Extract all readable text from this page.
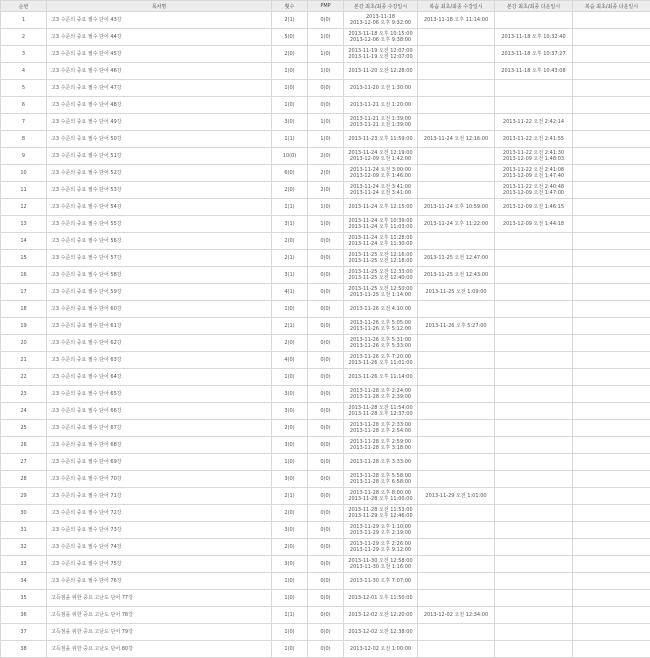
순번	목차명	횟수	PMP	본강 최초/최종 수강일시	복습 최초/최종 수강일시	본강 최초/최종 다운일시	복습 최초/최종 다운일시
1	고3 수준의 중요 필수 단어 43강	2(1)	0(0)	2013-11-18
2013-12-06 오후 9:32:00	2013-11-18 오후 11:14:00		

2	고3 수준의 중요 필수 단어 44강	5(0)	1(0)	2013-11-18 오후 10:15:00
2013-12-06 오후 9:38:00		2013-11-18 오후 10:32:40	

3	고3 수준의 중요 필수 단어 45강	2(0)	1(0)	2013-11-19 오전 12:07:00
2013-11-19 오전 12:07:00		2013-11-18 오후 10:37:27	

4	고3 수준의 중요 필수 단어 46강	1(0)	1(0)	2013-11-20 오전 12:28:00		2013-11-18 오후 10:43:08	

5	고3 수준의 중요 필수 단어 47강	1(0)	0(0)	2013-11-20 오전 1:30:00			

6	고3 수준의 중요 필수 단어 48강	1(0)	0(0)	2013-11-21 오전 1:20:00			

7	고3 수준의 중요 필수 단어 49강	3(0)	1(0)	2013-11-21 오전 1:39:00
2013-11-21 오전 1:39:00		2013-11-22 오전 2:42:14	

8	고3 수준의 중요 필수 단어 50강	1(1)	1(0)	2013-11-23 오후 11:59:00	2013-11-24 오전 12:16:00	2013-11-22 오전 2:41:55	

9	고3 수준의 중요 필수 단어 51강	10(0)	2(0)	2013-11-24 오전 12:19:00
2013-12-09 오전 1:42:00		2013-11-22 오전 2:41:30
2013-12-09 오전 1:48:03	

10	고3 수준의 중요 필수 단어 52강	6(0)	2(0)	2013-11-24 오전 3:00:00
2013-12-09 오후 1:46:00		2013-11-22 오전 2:41:08
2013-12-09 오전 1:47:40	

11	고3 수준의 중요 필수 단어 53강	2(0)	2(0)	2013-11-24 오전 3:41:00
2013-11-24 오전 3:41:00		2013-11-22 오전 2:40:48
2013-12-09 오전 1:47:00	

12	고3 수준의 중요 필수 단어 54강	1(1)	1(0)	2013-11-24 오후 12:15:00	2013-11-24 오후 10:59:00	2013-12-09 오전 1:46:15	

13	고3 수준의 중요 필수 단어 55강	3(1)	1(0)	2013-11-24 오후 10:39:00
2013-11-24 오후 11:03:00	2013-11-24 오후 11:22:00	2013-12-09 오전 1:44:18	

14	고3 수준의 중요 필수 단어 56강	2(0)	0(0)	2013-11-24 오후 11:28:00
2013-11-24 오후 11:30:00			

15	고3 수준의 중요 필수 단어 57강	2(1)	0(0)	2013-11-25 오전 12:16:00
2013-11-25 오전 12:18:00	2013-11-25 오전 12:47:00		

16	고3 수준의 중요 필수 단어 58강	3(1)	0(0)	2013-11-25 오전 12:33:00
2013-11-25 오전 12:40:00	2013-11-25 오전 12:43:00		

17	고3 수준의 중요 필수 단어 59강	4(1)	0(0)	2013-11-25 오전 12:50:00
2013-11-25 오전 1:14:00	2013-11-25 오전 1:09:00		

18	고3 수준의 중요 필수 단어 60강	1(0)	0(0)	2013-11-26 오전 4:10:00			

19	고3 수준의 중요 필수 단어 61강	2(1)	0(0)	2013-11-26 오후 5:05:00
2013-11-26 오후 5:12:00	2013-11-26 오후 5:27:00		

20	고3 수준의 중요 필수 단어 62강	2(0)	0(0)	2013-11-26 오후 5:31:00
2013-11-26 오후 5:33:00			

21	고3 수준의 중요 필수 단어 63강	4(0)	0(0)	2013-11-26 오후 7:20:00
2013-11-26 오후 11:01:00			

22	고3 수준의 중요 필수 단어 64강	1(0)	0(0)	2013-11-26 오후 11:14:00			

23	고3 수준의 중요 필수 단어 65강	3(0)	0(0)	2013-11-28 오후 2:24:00
2013-11-28 오후 2:39:00			

24	고3 수준의 중요 필수 단어 66강	3(0)	0(0)	2013-11-28 오전 11:54:00
2013-11-28 오후 12:37:00			

25	고3 수준의 중요 필수 단어 67강	2(0)	0(0)	2013-11-28 오후 2:33:00
2013-11-28 오후 2:54:00			

26	고3 수준의 중요 필수 단어 68강	3(0)	0(0)	2013-11-28 오후 2:59:00
2013-11-28 오후 3:18:00			

27	고3 수준의 중요 필수 단어 69강	1(0)	0(0)	2013-11-28 오후 3:33:00			

28	고3 수준의 중요 필수 단어 70강	3(0)	0(0)	2013-11-28 오후 5:58:00
2013-11-28 오후 6:58:00			

29	고3 수준의 중요 필수 단어 71강	2(1)	0(0)	2013-11-28 오후 8:00:00
2013-11-28 오후 11:00:00	2013-11-29 오전 1:01:00		

30	고3 수준의 중요 필수 단어 72강	2(0)	0(0)	2013-11-28 오전 11:53:00
2013-11-29 오후 12:46:00			

31	고3 수준의 중요 필수 단어 73강	3(0)	0(0)	2013-11-29 오후 1:10:00
2013-11-29 오후 2:19:00			

32	고3 수준의 중요 필수 단어 74강	2(0)	0(0)	2013-11-29 오후 2:26:00
2013-11-29 오후 9:12:00			

33	고3 수준의 중요 필수 단어 75강	3(0)	0(0)	2013-11-30 오전 12:58:00
2013-11-30 오전 1:16:00			

34	고3 수준의 중요 필수 단어 76강	1(0)	0(0)	2013-11-30 오후 7:07:00			

35	고득점을 위한 중요 고난도 단어 77강	1(0)	0(0)	2013-12-01 오후 11:50:00			

36	고득점을 위한 중요 고난도 단어 78강	1(1)	0(0)	2013-12-02 오전 12:20:00	2013-12-02 오전 12:34:00		

37	고득점을 위한 중요 고난도 단어 79강	1(0)	0(0)	2013-12-02 오전 12:38:00			

38	고득점을 위한 중요 고난도 단어 80강	1(0)	0(0)	2013-12-02 오전 1:00:00			
